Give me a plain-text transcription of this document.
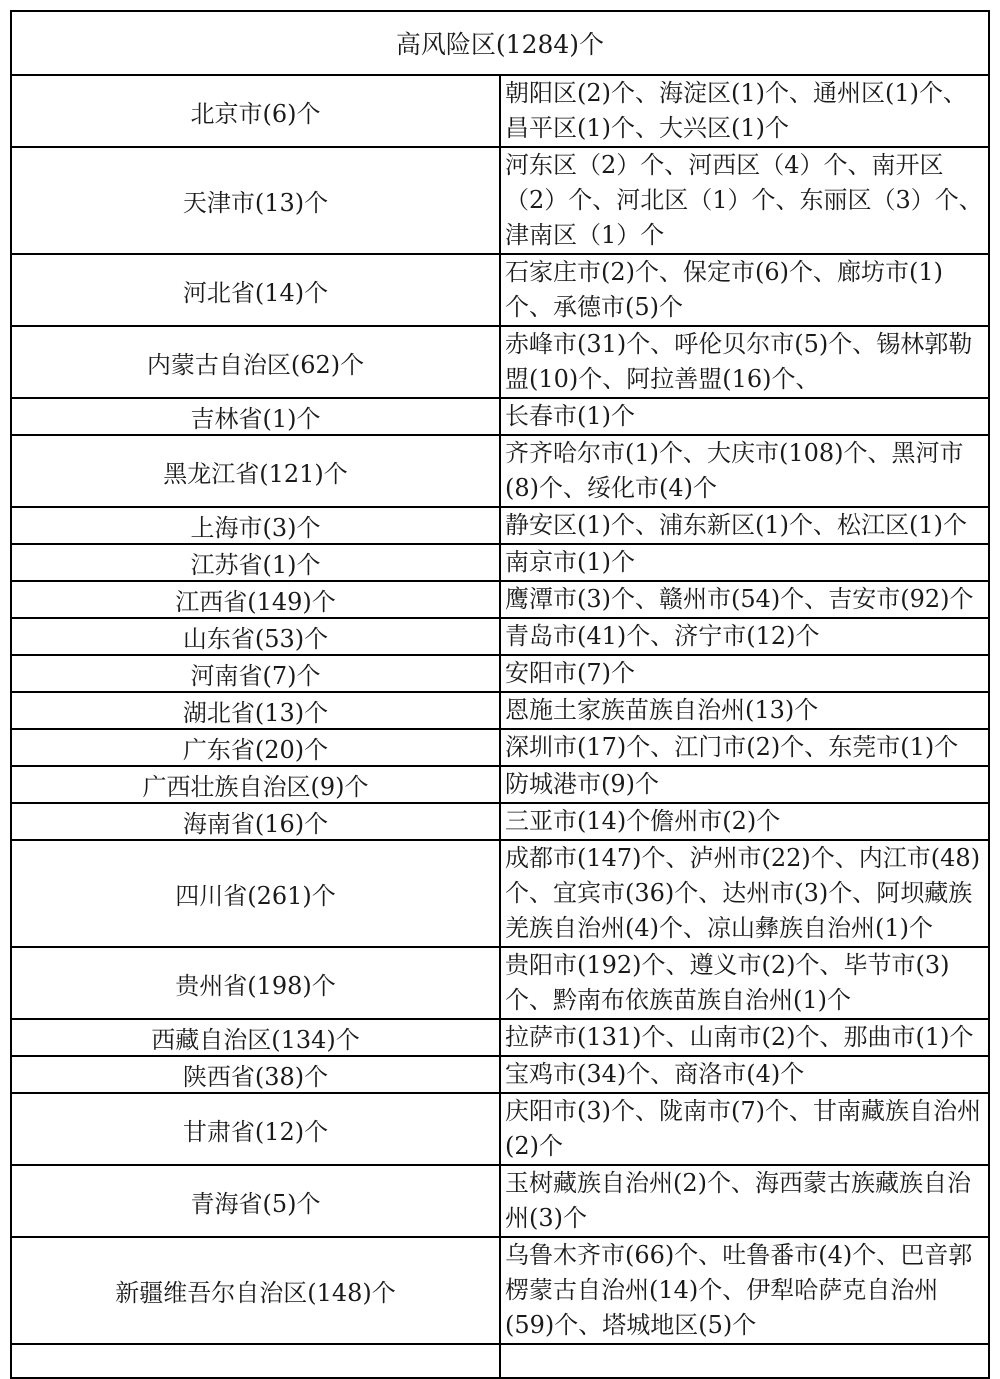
高风险区(1284)个	
北京市(6)个	朝阳区(2)个、海淀区(1)个、通州区(1)个、昌平区(1)个、大兴区(1)个
天津市(13)个	河东区（2）个、河西区（4）个、南开区（2）个、河北区（1）个、东丽区（3）个、津南区（1）个
河北省(14)个	石家庄市(2)个、保定市(6)个、廊坊市(1)个、承德市(5)个
内蒙古自治区(62)个	赤峰市(31)个、呼伦贝尔市(5)个、锡林郭勒盟(10)个、阿拉善盟(16)个、
吉林省(1)个	长春市(1)个
黑龙江省(121)个	齐齐哈尔市(1)个、大庆市(108)个、黑河市(8)个、绥化市(4)个
上海市(3)个	静安区(1)个、浦东新区(1)个、松江区(1)个
江苏省(1)个	南京市(1)个
江西省(149)个	鹰潭市(3)个、赣州市(54)个、吉安市(92)个
山东省(53)个	青岛市(41)个、济宁市(12)个
河南省(7)个	安阳市(7)个
湖北省(13)个	恩施土家族苗族自治州(13)个
广东省(20)个	深圳市(17)个、江门市(2)个、东莞市(1)个
广西壮族自治区(9)个	防城港市(9)个
海南省(16)个	三亚市(14)个儋州市(2)个
四川省(261)个	成都市(147)个、泸州市(22)个、内江市(48)个、宜宾市(36)个、达州市(3)个、阿坝藏族羌族自治州(4)个、凉山彝族自治州(1)个
贵州省(198)个	贵阳市(192)个、遵义市(2)个、毕节市(3)个、黔南布依族苗族自治州(1)个
西藏自治区(134)个	拉萨市(131)个、山南市(2)个、那曲市(1)个
陕西省(38)个	宝鸡市(34)个、商洛市(4)个
甘肃省(12)个	庆阳市(3)个、陇南市(7)个、甘南藏族自治州(2)个
青海省(5)个	玉树藏族自治州(2)个、海西蒙古族藏族自治州(3)个
新疆维吾尔自治区(148)个	乌鲁木齐市(66)个、吐鲁番市(4)个、巴音郭楞蒙古自治州(14)个、伊犁哈萨克自治州(59)个、塔城地区(5)个
